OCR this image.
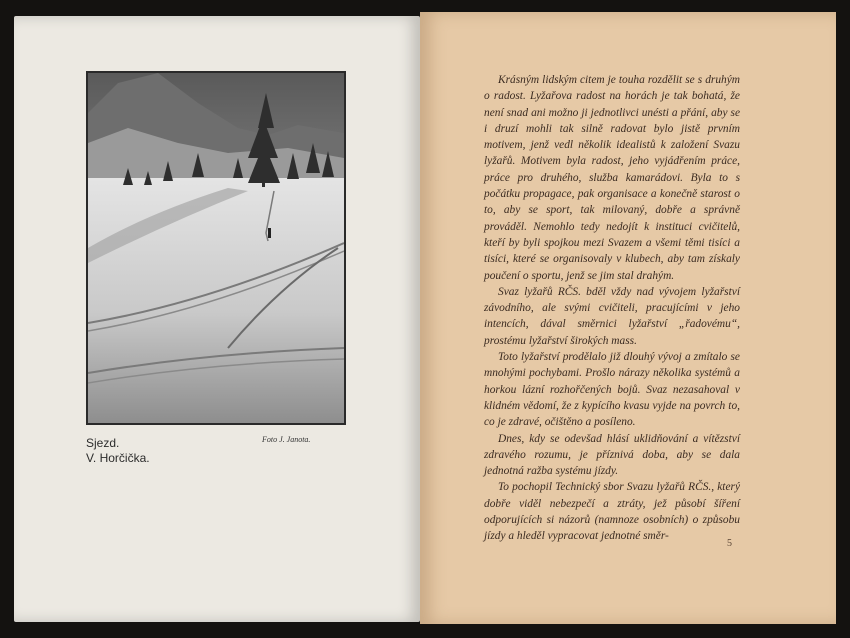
Foto J. Janota.
Sjezd.
V. Horčička.

Krásným lidským citem je touha rozdělit se s druhým o radost. Lyžařova radost na horách je tak bohatá, že není snad ani možno ji jednotlivci unésti a přání, aby se i druzí mohli tak silně radovat bylo jistě prvním motivem, jenž vedl několik idealistů k založení Svazu lyžařů. Motivem byla radost, jeho vyjádřením práce, práce pro druhého, služba kamarádovi. Byla to s počátku propagace, pak organisace a konečně starost o to, aby se sport, tak milovaný, dobře a správně prováděl. Nemohlo tedy nedojít k instituci cvičitelů, kteří by byli spojkou mezi Svazem a všemi těmi tisíci a tisíci, které se organisovaly v klubech, aby tam získaly poučení o sportu, jenž se jim stal drahým.

Svaz lyžařů RČS. bděl vždy nad vývojem lyžařství závodního, ale svými cvičiteli, pracujícími v jeho intencích, dával směrnici lyžařství „řadovému“, prostému lyžařství širokých mass.

Toto lyžařství prodělalo již dlouhý vývoj a zmítalo se mnohými pochybami. Prošlo nárazy několika systémů a horkou lázní rozhořčených bojů. Svaz nezasahoval v klidném vědomí, že z kypícího kvasu vyjde na povrch to, co je zdravé, očištěno a posíleno.

Dnes, kdy se odevšad hlásí uklidňování a vítězství zdravého rozumu, je příznivá doba, aby se dala jednotná ražba systému jízdy.

To pochopil Technický sbor Svazu lyžařů RČS., který dobře viděl nebezpečí a ztráty, jež působí šíření odporujících si názorů (namnoze osobních) o způsobu jízdy a hleděl vypracovat jednotné směr-

5
